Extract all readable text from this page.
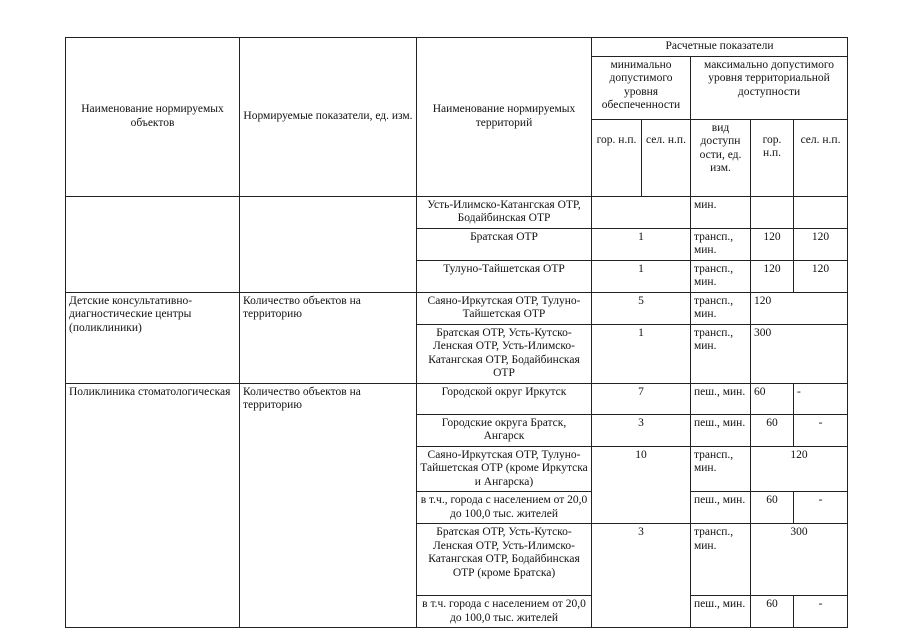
Наименование нормируемых объектов	Нормируемые показатели, ед. изм.	Наименование нормируемых территорий	Расчетные показатели				
			минимально допустимого уровня обеспеченности		максимально допустимого уровня территориальной доступности		
			гор. н.п.	сел. н.п.	вид доступн ости, ед. изм.	гор. н.п.	сел. н.п.
		Усть-Илимско-Катангская ОТР, Бодайбинская ОТР			мин.		
		Братская ОТР	1		трансп., мин.	120	120
		Тулуно-Тайшетская ОТР	1		трансп., мин.	120	120
Детские консультативно-диагностические центры (поликлиники)	Количество объектов на территорию	Саяно-Иркутская ОТР, Тулуно-Тайшетская ОТР	5		трансп., мин.	120	
		Братская ОТР, Усть-Кутско-Ленская ОТР, Усть-Илимско-Катангская ОТР, Бодайбинская ОТР	1		трансп., мин.	300	
Поликлиника стоматологическая	Количество объектов на территорию	Городской округ Иркутск	7		пеш., мин.	60	-
		Городские округа Братск, Ангарск	3		пеш., мин.	60	-
		Саяно-Иркутская ОТР, Тулуно-Тайшетская ОТР (кроме Иркутска и Ангарска)	10		трансп., мин.	120	
		в т.ч., города с населением от 20,0 до 100,0 тыс. жителей			пеш., мин.	60	-
		Братская ОТР, Усть-Кутско-Ленская ОТР, Усть-Илимско-Катангская ОТР, Бодайбинская ОТР (кроме Братска)	3		трансп., мин.	300	
		в т.ч. города с населением от 20,0 до 100,0 тыс. жителей			пеш., мин.	60	-
